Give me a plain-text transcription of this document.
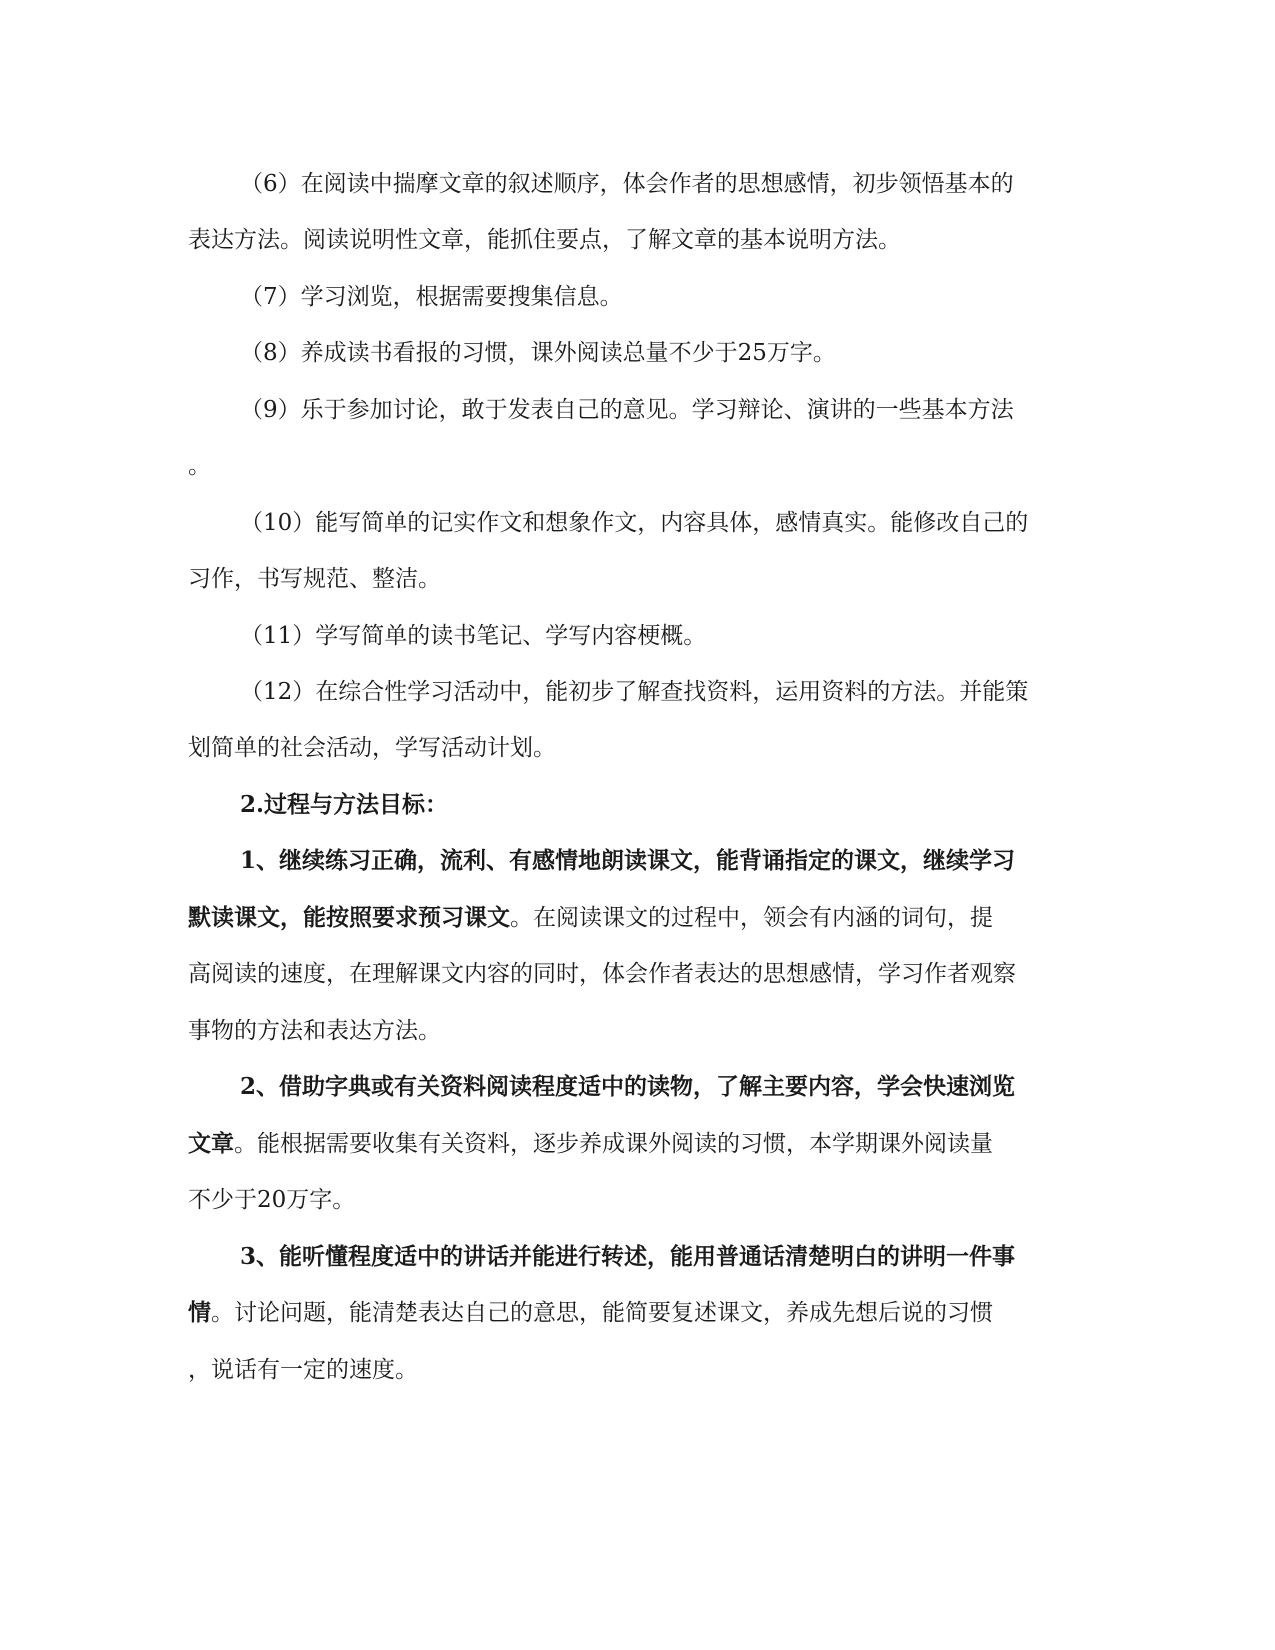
（6）在阅读中揣摩文章的叙述顺序，体会作者的思想感情，初步领悟基本的
表达方法。阅读说明性文章，能抓住要点，了解文章的基本说明方法。
（7）学习浏览，根据需要搜集信息。
（8）养成读书看报的习惯，课外阅读总量不少于25万字。
（9）乐于参加讨论，敢于发表自己的意见。学习辩论、演讲的一些基本方法
。
（10）能写简单的记实作文和想象作文，内容具体，感情真实。能修改自己的
习作，书写规范、整洁。
（11）学写简单的读书笔记、学写内容梗概。
（12）在综合性学习活动中，能初步了解查找资料，运用资料的方法。并能策
划简单的社会活动，学写活动计划。
2.过程与方法目标：
1、继续练习正确，流利、有感情地朗读课文，能背诵指定的课文，继续学习
默读课文，能按照要求预习课文。在阅读课文的过程中，领会有内涵的词句，提
高阅读的速度，在理解课文内容的同时，体会作者表达的思想感情，学习作者观察
事物的方法和表达方法。
2、借助字典或有关资料阅读程度适中的读物，了解主要内容，学会快速浏览
文章。能根据需要收集有关资料，逐步养成课外阅读的习惯，本学期课外阅读量
不少于20万字。
3、能听懂程度适中的讲话并能进行转述，能用普通话清楚明白的讲明一件事
情。讨论问题，能清楚表达自己的意思，能简要复述课文，养成先想后说的习惯
，说话有一定的速度。
